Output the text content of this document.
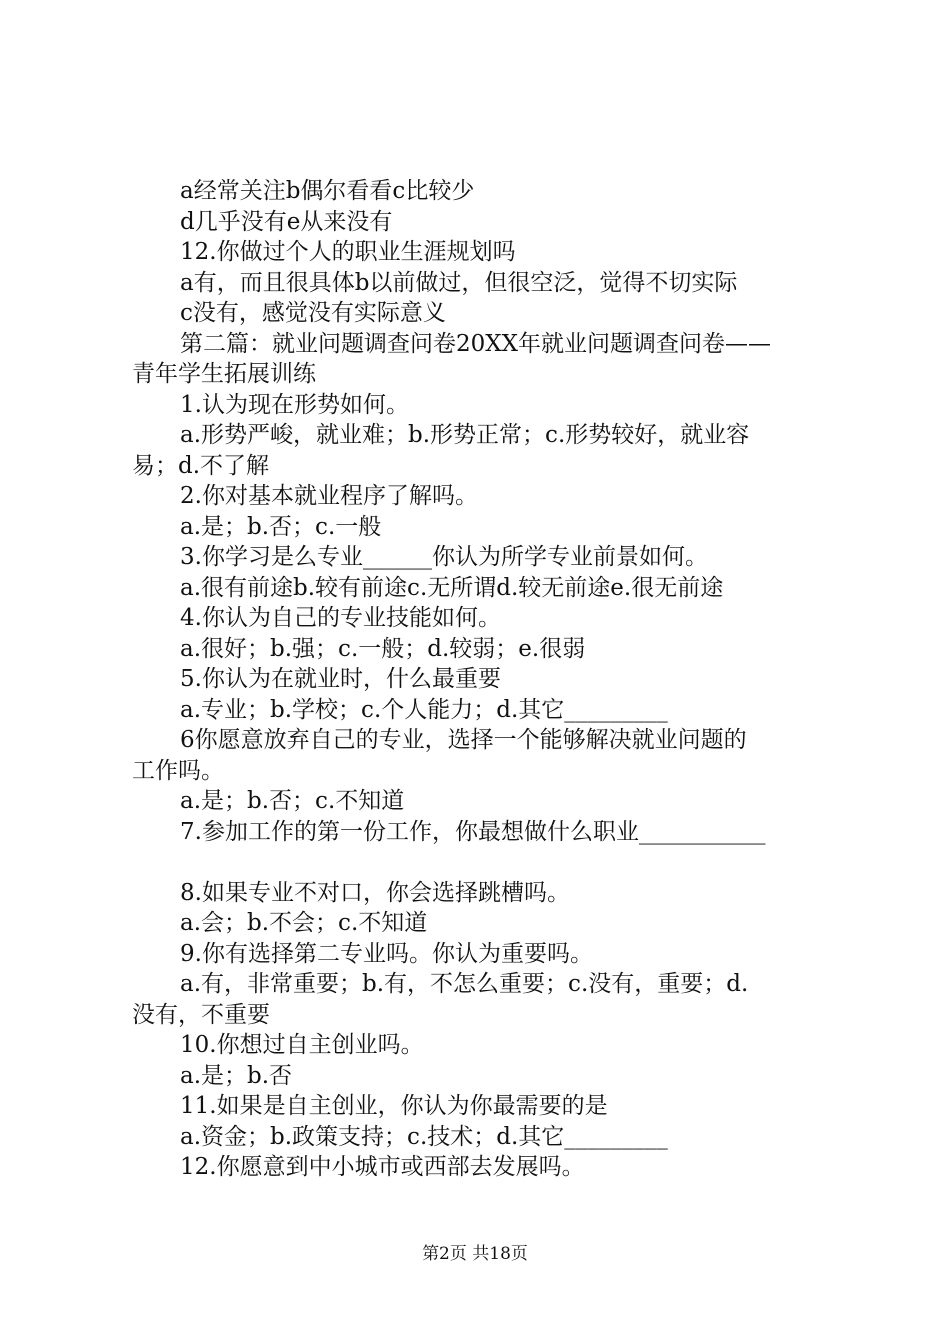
a经常关注b偶尔看看c比较少
d几乎没有e从来没有
12.你做过个人的职业生涯规划吗
a有，而且很具体b以前做过，但很空泛，觉得不切实际
c没有，感觉没有实际意义
第二篇：就业问题调查问卷20XX年就业问题调查问卷——
青年学生拓展训练
1.认为现在形势如何。
a.形势严峻，就业难；b.形势正常；c.形势较好，就业容
易；d.不了解
2.你对基本就业程序了解吗。
a.是；b.否；c.一般
3.你学习是么专业______你认为所学专业前景如何。
a.很有前途b.较有前途c.无所谓d.较无前途e.很无前途
4.你认为自己的专业技能如何。
a.很好；b.强；c.一般；d.较弱；e.很弱
5.你认为在就业时，什么最重要
a.专业；b.学校；c.个人能力；d.其它_________
6你愿意放弃自己的专业，选择一个能够解决就业问题的
工作吗。
a.是；b.否；c.不知道
7.参加工作的第一份工作，你最想做什么职业___________
8.如果专业不对口，你会选择跳槽吗。
a.会；b.不会；c.不知道
9.你有选择第二专业吗。你认为重要吗。
a.有，非常重要；b.有，不怎么重要；c.没有，重要；d.
没有，不重要
10.你想过自主创业吗。
a.是；b.否
11.如果是自主创业，你认为你最需要的是
a.资金；b.政策支持；c.技术；d.其它_________
12.你愿意到中小城市或西部去发展吗。
第2页 共18页
